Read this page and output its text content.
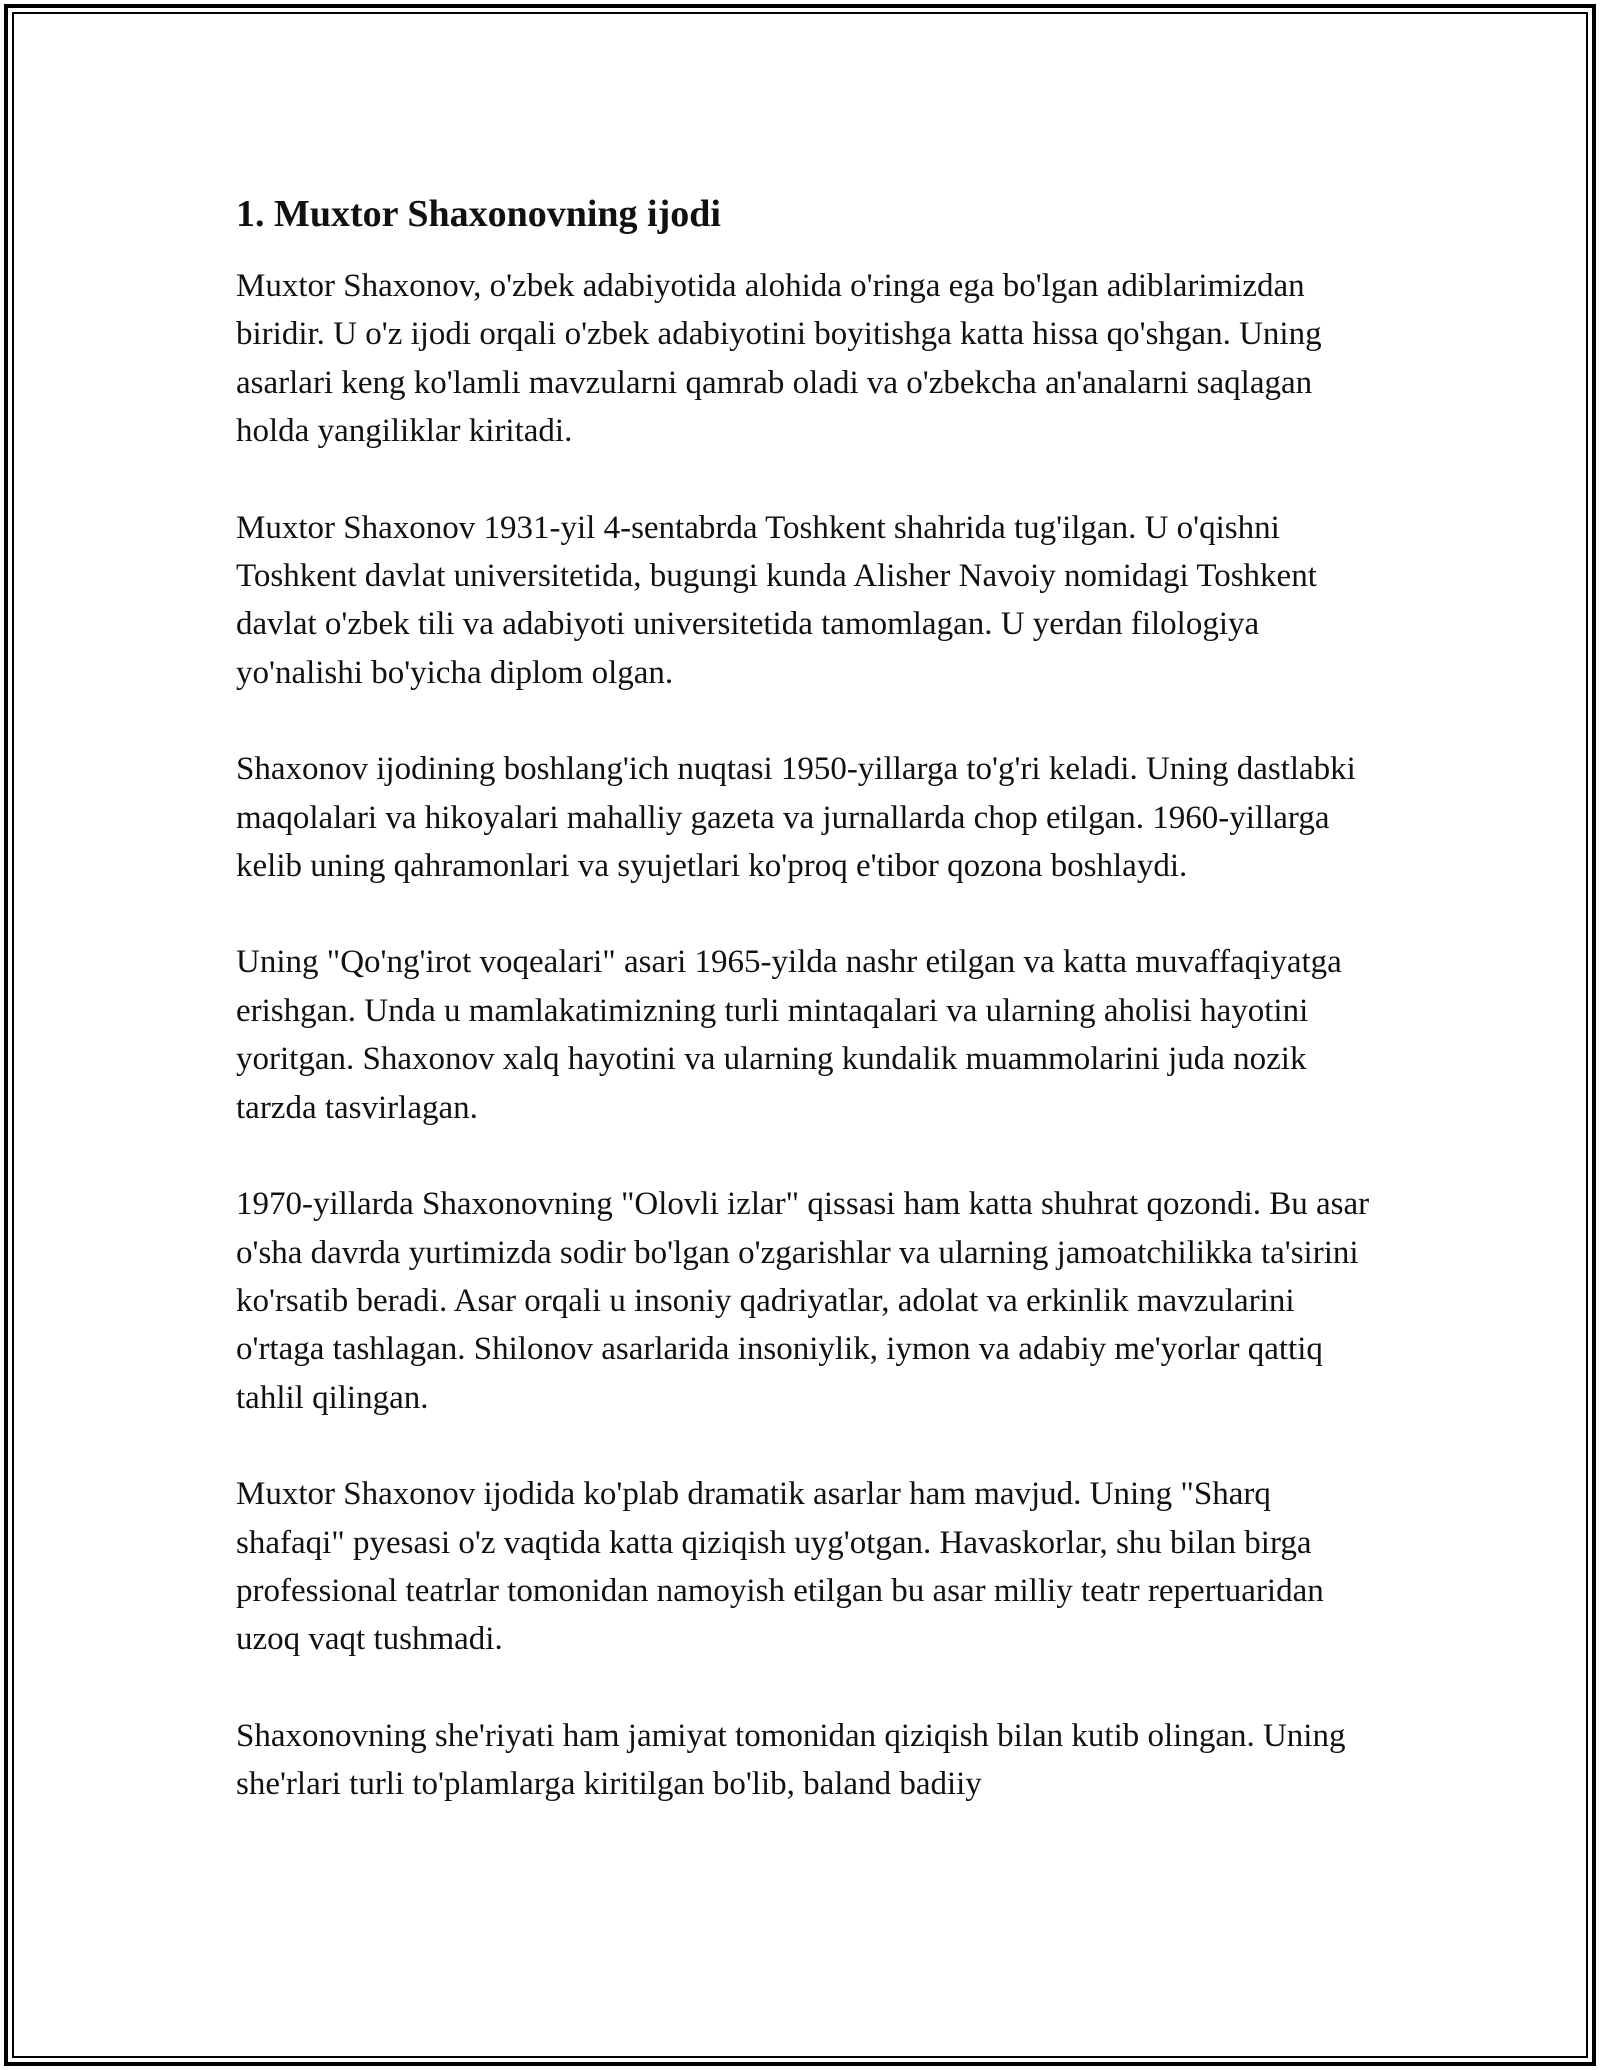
1. Muxtor Shaxonovning ijodi

Muxtor Shaxonov, o'zbek adabiyotida alohida o'ringa ega bo'lgan adiblarimizdan biridir. U o'z ijodi orqali o'zbek adabiyotini boyitishga katta hissa qo'shgan. Uning asarlari keng ko'lamli mavzularni qamrab oladi va o'zbekcha an'analarni saqlagan holda yangiliklar kiritadi.

Muxtor Shaxonov 1931-yil 4-sentabrda Toshkent shahrida tug'ilgan. U o'qishni Toshkent davlat universitetida, bugungi kunda Alisher Navoiy nomidagi Toshkent davlat o'zbek tili va adabiyoti universitetida tamomlagan. U yerdan filologiya yo'nalishi bo'yicha diplom olgan.

Shaxonov ijodining boshlang'ich nuqtasi 1950-yillarga to'g'ri keladi. Uning dastlabki maqolalari va hikoyalari mahalliy gazeta va jurnallarda chop etilgan. 1960-yillarga kelib uning qahramonlari va syujetlari ko'proq e'tibor qozona boshlaydi.

Uning "Qo'ng'irot voqealari" asari 1965-yilda nashr etilgan va katta muvaffaqiyatga erishgan. Unda u mamlakatimizning turli mintaqalari va ularning aholisi hayotini yoritgan. Shaxonov xalq hayotini va ularning kundalik muammolarini juda nozik tarzda tasvirlagan.

1970-yillarda Shaxonovning "Olovli izlar" qissasi ham katta shuhrat qozondi. Bu asar o'sha davrda yurtimizda sodir bo'lgan o'zgarishlar va ularning jamoatchilikka ta'sirini ko'rsatib beradi. Asar orqali u insoniy qadriyatlar, adolat va erkinlik mavzularini o'rtaga tashlagan. Shilonov asarlarida insoniylik, iymon va adabiy me'yorlar qattiq tahlil qilingan.

Muxtor Shaxonov ijodida ko'plab dramatik asarlar ham mavjud. Uning "Sharq shafaqi" pyesasi o'z vaqtida katta qiziqish uyg'otgan. Havaskorlar, shu bilan birga professional teatrlar tomonidan namoyish etilgan bu asar milliy teatr repertuaridan uzoq vaqt tushmadi.

Shaxonovning she'riyati ham jamiyat tomonidan qiziqish bilan kutib olingan. Uning she'rlari turli to'plamlarga kiritilgan bo'lib, baland badiiy
